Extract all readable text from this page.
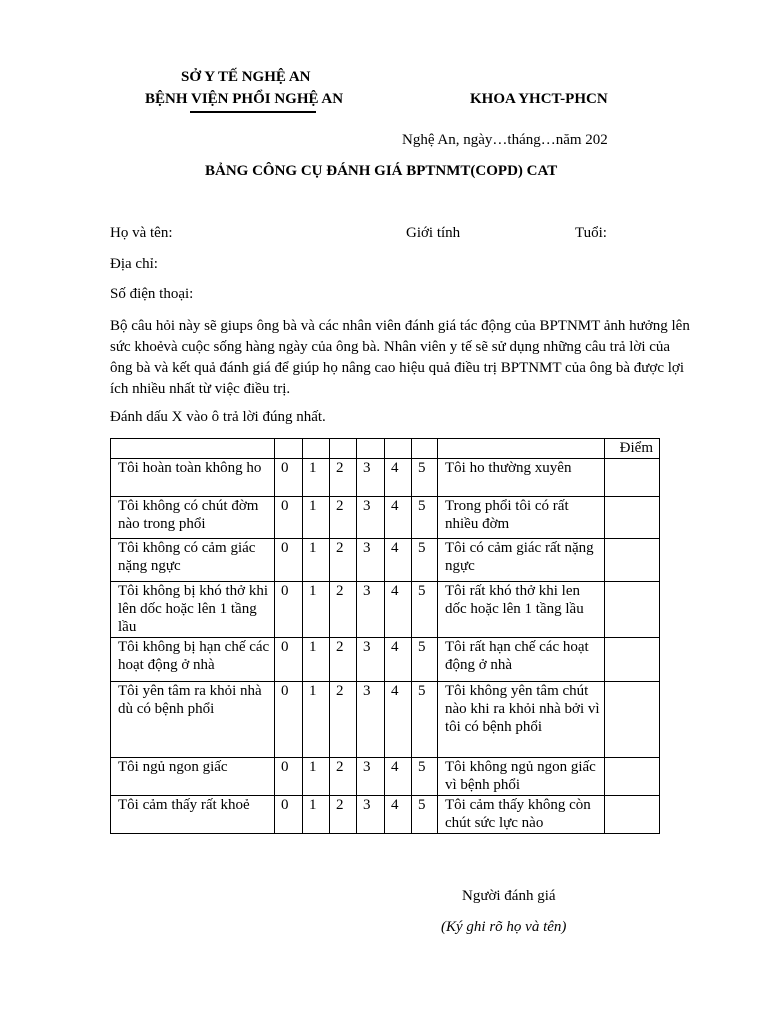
SỞ Y TẾ NGHỆ AN
BỆNH VIỆN PHỔI NGHỆ AN	KHOA YHCT-PHCN
Nghệ An, ngày…tháng…năm 202
BẢNG CÔNG CỤ ĐÁNH GIÁ BPTNMT(COPD) CAT
Họ và tên:	Giới tính	Tuổi:
Địa chỉ:
Số điện thoại:
Bộ câu hỏi này sẽ giups ông bà và các nhân viên đánh giá tác động của BPTNMT ảnh hưởng lên sức khoẻvà cuộc sống hàng ngày của ông bà. Nhân viên y tế sẽ sử dụng những câu trả lời của ông bà và kết quả đánh giá để giúp họ nâng cao hiệu quả điều trị BPTNMT của ông bà được lợi ích nhiều nhất từ việc điều trị.
Đánh dấu X vào ô trả lời đúng nhất.
								Điểm
Tôi hoàn toàn không ho	0	1	2	3	4	5	Tôi ho thường xuyên	
Tôi không có chút đờm nào trong phổi	0	1	2	3	4	5	Trong phổi tôi có rất nhiều đờm	
Tôi không có cảm giác nặng ngực	0	1	2	3	4	5	Tôi có cảm giác rất nặng ngực	
Tôi không bị khó thở khi lên dốc hoặc lên 1 tầng lầu	0	1	2	3	4	5	Tôi rất khó thở khi len dốc hoặc lên 1 tầng lầu	
Tôi không bị hạn chế các hoạt động ở nhà	0	1	2	3	4	5	Tôi rất hạn chế các hoạt động ở nhà	
Tôi yên tâm ra khỏi nhà dù có bệnh phổi	0	1	2	3	4	5	Tôi không yên tâm chút nào khi ra khỏi nhà bởi vì tôi có bệnh phổi	
Tôi ngủ ngon giấc	0	1	2	3	4	5	Tôi không ngủ ngon giấc vì bệnh phổi	
Tôi cảm thấy rất khoẻ	0	1	2	3	4	5	Tôi cảm thấy không còn chút sức lực nào	
Người đánh giá
(Ký ghi rõ họ và tên)
